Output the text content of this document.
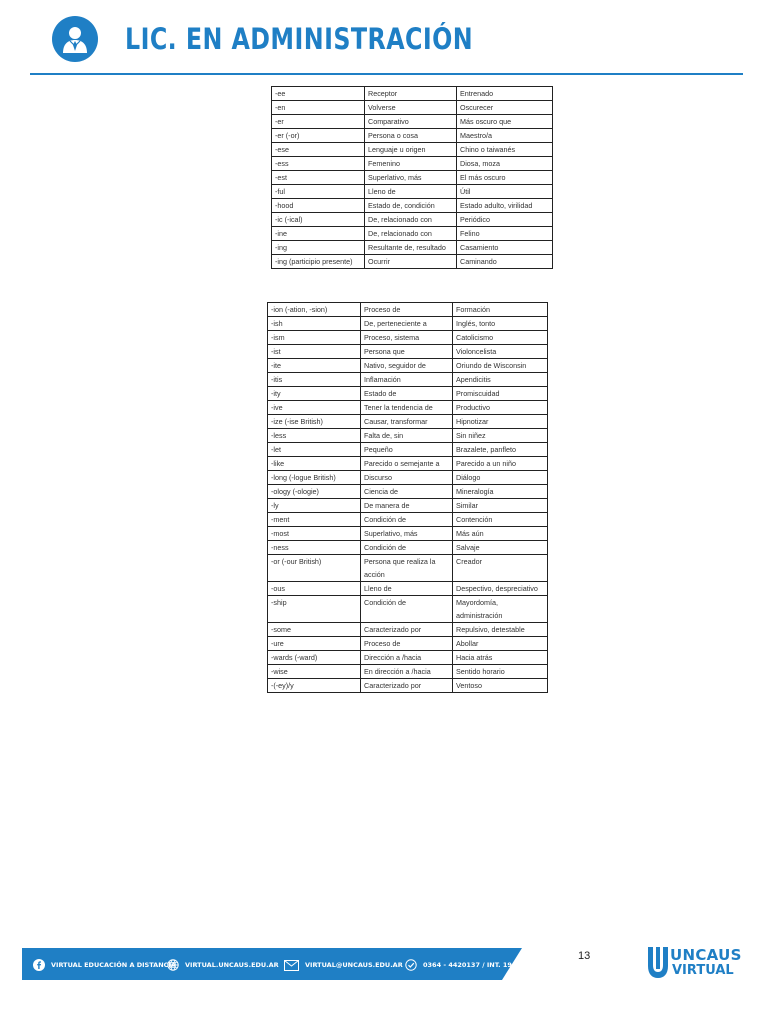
LIC. EN ADMINISTRACIÓN
-ee	Receptor	Entrenado
-en	Volverse	Oscurecer
-er	Comparativo	Más oscuro que
-er (-or)	Persona o cosa	Maestro/a
-ese	Lenguaje u origen	Chino o taiwanés
-ess	Femenino	Diosa, moza
-est	Superlativo, más	El más oscuro
-ful	Lleno de	Útil
-hood	Estado de, condición	Estado adulto, virilidad
-ic (-ical)	De, relacionado con	Periódico
-ine	De, relacionado con	Felino
-ing	Resultante de, resultado	Casamiento
-ing (participio presente)	Ocurrir	Caminando
-ion (-ation, -sion)	Proceso de	Formación
-ish	De, perteneciente a	Inglés, tonto
-ism	Proceso, sistema	Catolicismo
-ist	Persona que	Violoncelista
-ite	Nativo, seguidor de	Oriundo de Wisconsin
-itis	Inflamación	Apendicitis
-ity	Estado de	Promiscuidad
-ive	Tener la tendencia de	Productivo
-ize (-ise British)	Causar, transformar	Hipnotizar
-less	Falta de, sin	Sin niñez
-let	Pequeño	Brazalete, panfleto
-like	Parecido o semejante a	Parecido a un niño
-long (-logue British)	Discurso	Diálogo
-ology (-ologie)	Ciencia de	Mineralogía
-ly	De manera de	Similar
-ment	Condición de	Contención
-most	Superlativo, más	Más aún
-ness	Condición de	Salvaje
-or (-our British)	Persona que realiza la acción	Creador
-ous	Lleno de	Despectivo, despreciativo
-ship	Condición de	Mayordomía, administración
-some	Caracterizado por	Repulsivo, detestable
-ure	Proceso de	Abollar
-wards (-ward)	Dirección a /hacia	Hacia atrás
-wise	En dirección a /hacia	Sentido horario
-(-ey)/y	Caracterizado por	Ventoso
VIRTUAL EDUCACIÓN A DISTANCIA VIRTUAL.UNCAUS.EDU.AR	VIRTUAL@UNCAUS.EDU.AR	0364 - 4420137 / INT. 190
13	UNCAUS
VIRTUAL
